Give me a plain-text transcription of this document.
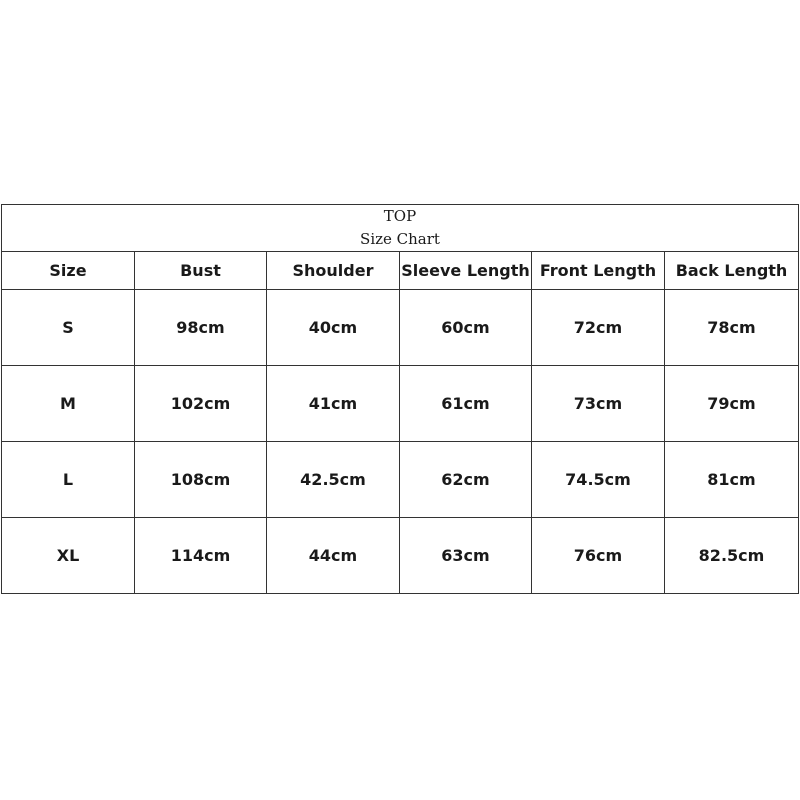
TOP
Size Chart					

Size	Bust	Shoulder	Sleeve Length	Front Length	Back Length
S	98cm	40cm	60cm	72cm	78cm
M	102cm	41cm	61cm	73cm	79cm
L	108cm	42.5cm	62cm	74.5cm	81cm
XL	114cm	44cm	63cm	76cm	82.5cm
